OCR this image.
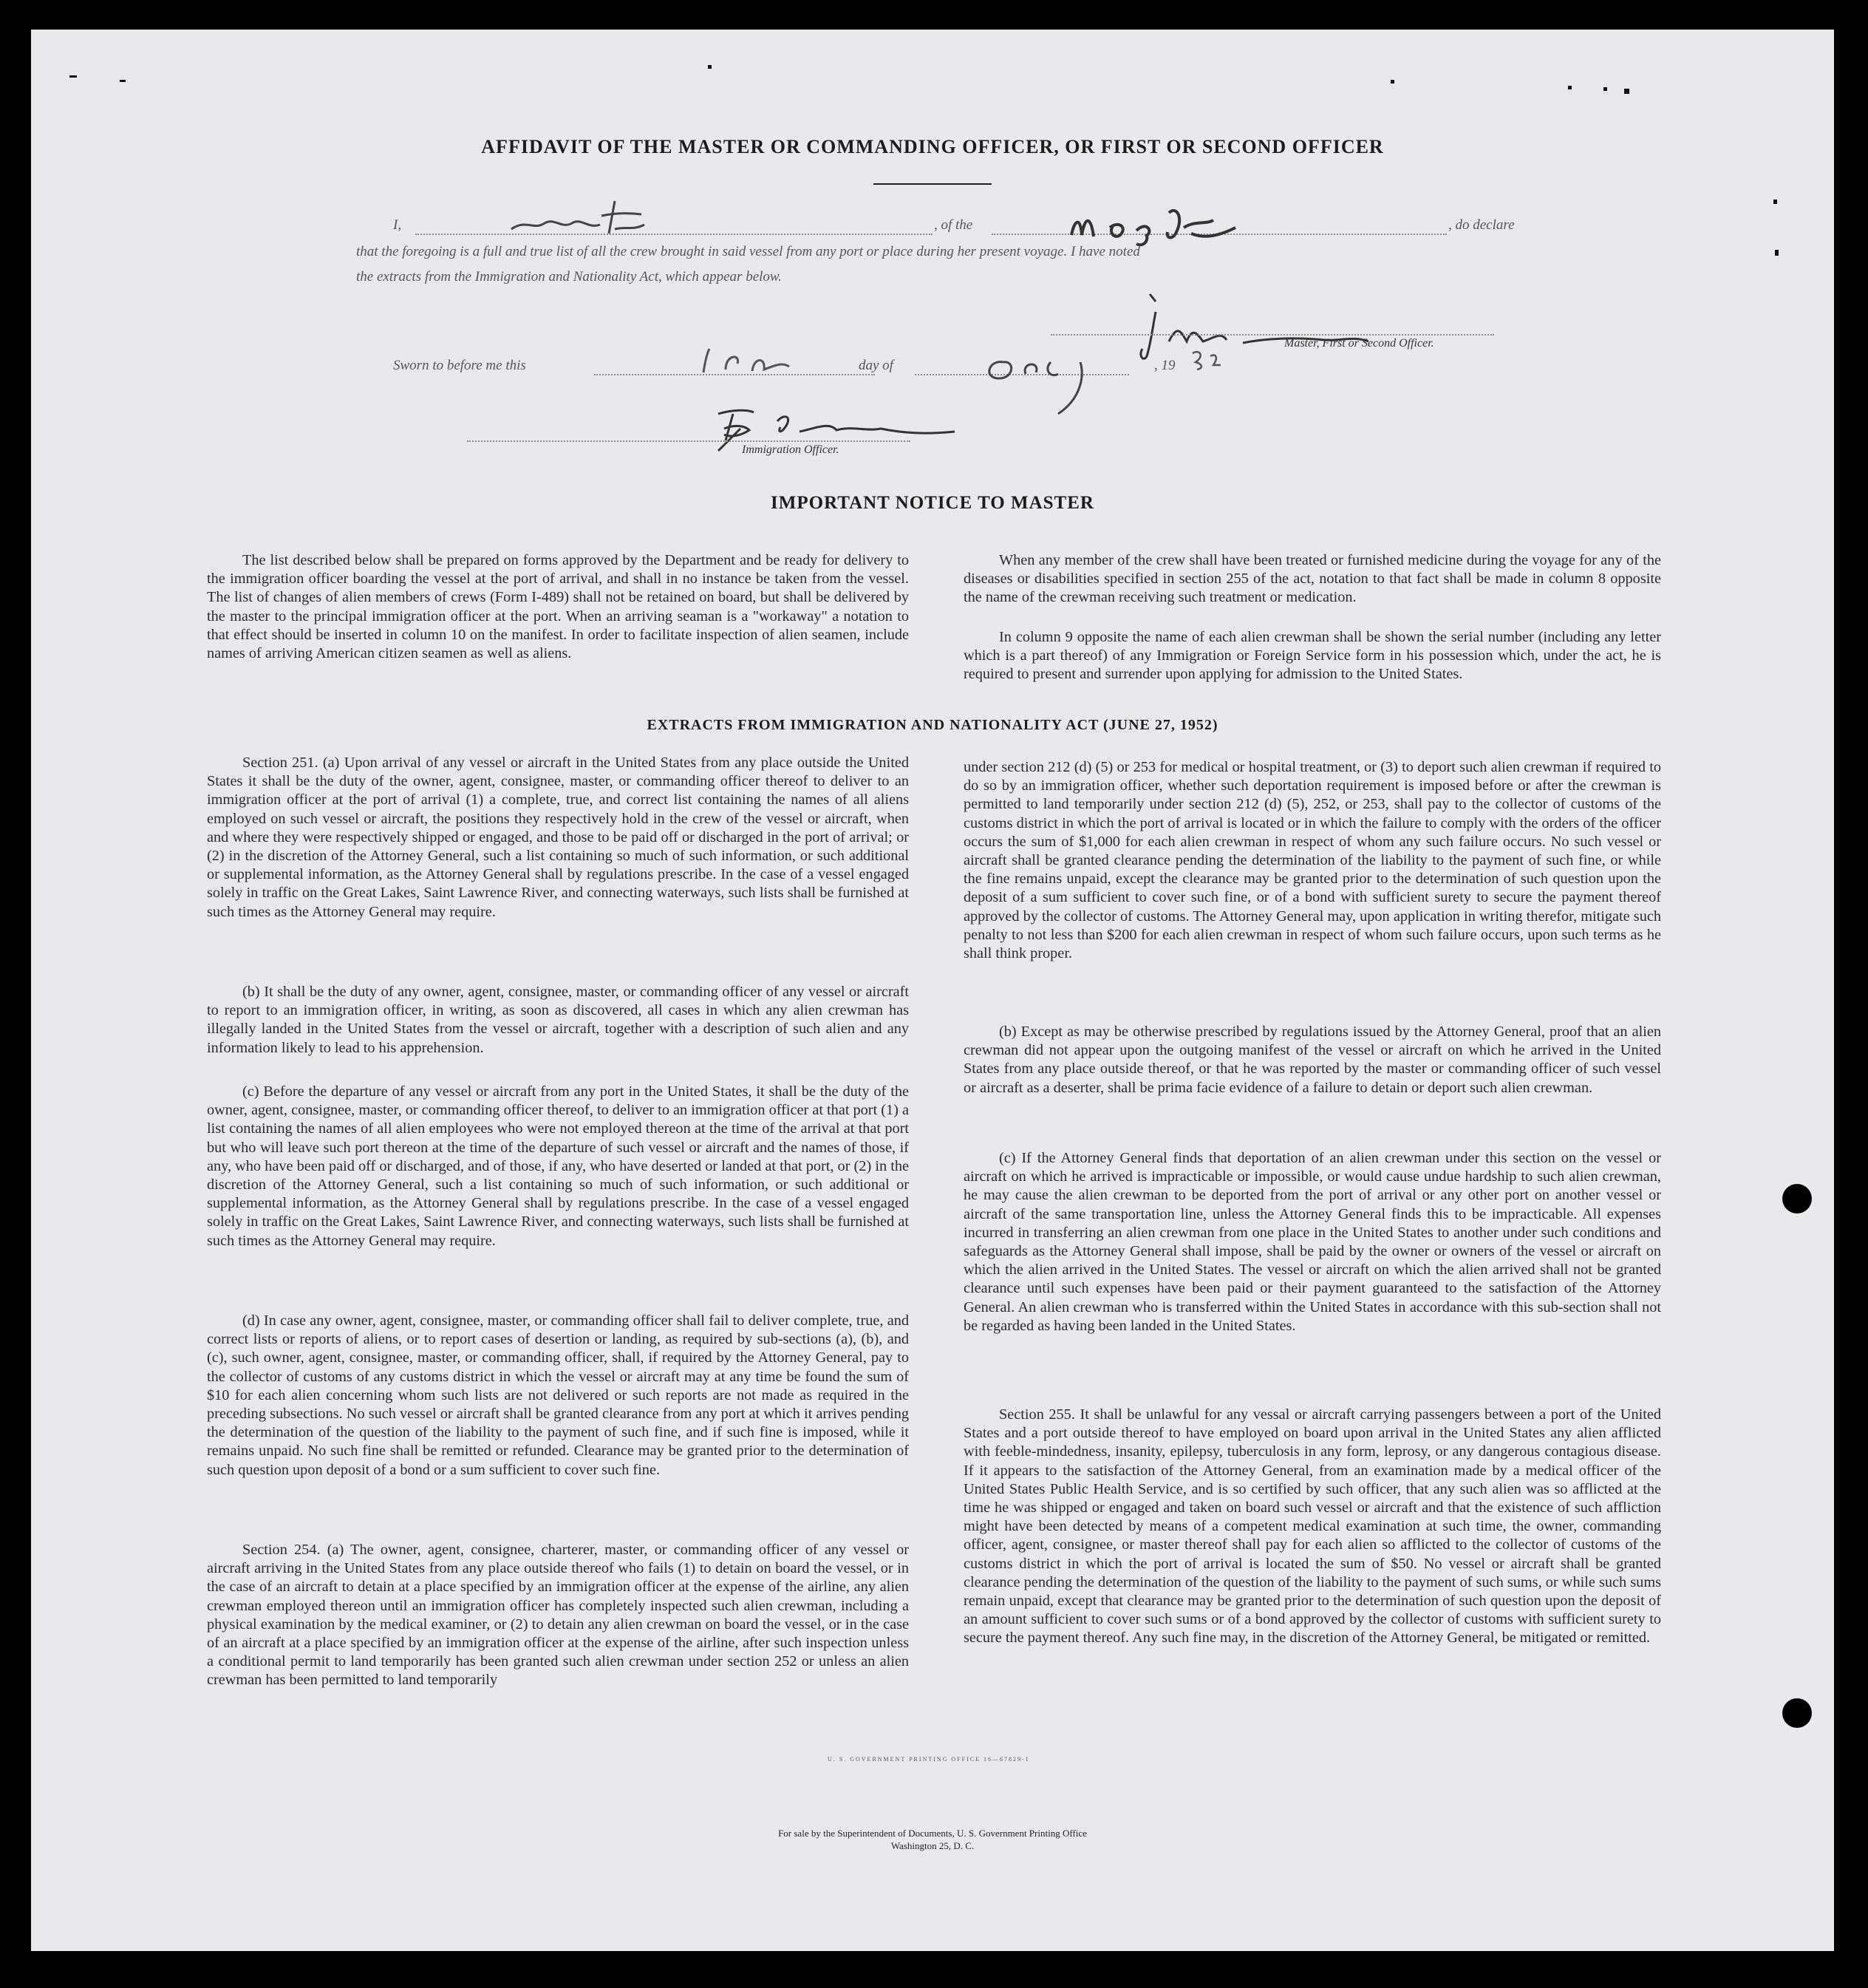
AFFIDAVIT OF THE MASTER OR COMMANDING OFFICER, OR FIRST OR SECOND OFFICER
I,	, of the	, do declare
that the foregoing is a full and true list of all the crew brought in said vessel from any port or place during her present voyage. I have noted
the extracts from the Immigration and Nationality Act, which appear below.
Master, First or Second Officer.
Sworn to before me this	day of	, 19
Immigration Officer.
IMPORTANT NOTICE TO MASTER

The list described below shall be prepared on forms approved by the Department and be ready for delivery to the immigration officer boarding the vessel at the port of arrival, and shall in no instance be taken from the vessel. The list of changes of alien members of crews (Form I-489) shall not be retained on board, but shall be delivered by the master to the principal immigration officer at the port. When an arriving seaman is a "workaway" a notation to that effect should be inserted in column 10 on the manifest. In order to facilitate inspection of alien seamen, include names of arriving American citizen seamen as well as aliens.

When any member of the crew shall have been treated or furnished medicine during the voyage for any of the diseases or disabilities specified in section 255 of the act, notation to that fact shall be made in column 8 opposite the name of the crewman receiving such treatment or medication.

In column 9 opposite the name of each alien crewman shall be shown the serial number (including any letter which is a part thereof) of any Immigration or Foreign Service form in his possession which, under the act, he is required to present and surrender upon applying for admission to the United States.

EXTRACTS FROM IMMIGRATION AND NATIONALITY ACT (JUNE 27, 1952)

Section 251. (a) Upon arrival of any vessel or aircraft in the United States from any place outside the United States it shall be the duty of the owner, agent, consignee, master, or commanding officer thereof to deliver to an immigration officer at the port of arrival (1) a complete, true, and correct list containing the names of all aliens employed on such vessel or aircraft, the positions they respectively hold in the crew of the vessel or aircraft, when and where they were respectively shipped or engaged, and those to be paid off or discharged in the port of arrival; or (2) in the discretion of the Attorney General, such a list containing so much of such information, or such additional or supplemental information, as the Attorney General shall by regulations prescribe. In the case of a vessel engaged solely in traffic on the Great Lakes, Saint Lawrence River, and connecting waterways, such lists shall be furnished at such times as the Attorney General may require.

(b) It shall be the duty of any owner, agent, consignee, master, or commanding officer of any vessel or aircraft to report to an immigration officer, in writing, as soon as discovered, all cases in which any alien crewman has illegally landed in the United States from the vessel or aircraft, together with a description of such alien and any information likely to lead to his apprehension.

(c) Before the departure of any vessel or aircraft from any port in the United States, it shall be the duty of the owner, agent, consignee, master, or commanding officer thereof, to deliver to an immigration officer at that port (1) a list containing the names of all alien employees who were not employed thereon at the time of the arrival at that port but who will leave such port thereon at the time of the departure of such vessel or aircraft and the names of those, if any, who have been paid off or discharged, and of those, if any, who have deserted or landed at that port, or (2) in the discretion of the Attorney General, such a list containing so much of such information, or such additional or supplemental information, as the Attorney General shall by regulations prescribe. In the case of a vessel engaged solely in traffic on the Great Lakes, Saint Lawrence River, and connecting waterways, such lists shall be furnished at such times as the Attorney General may require.

(d) In case any owner, agent, consignee, master, or commanding officer shall fail to deliver complete, true, and correct lists or reports of aliens, or to report cases of desertion or landing, as required by sub-sections (a), (b), and (c), such owner, agent, consignee, master, or commanding officer, shall, if required by the Attorney General, pay to the collector of customs of any customs district in which the vessel or aircraft may at any time be found the sum of $10 for each alien concerning whom such lists are not delivered or such reports are not made as required in the preceding subsections. No such vessel or aircraft shall be granted clearance from any port at which it arrives pending the determination of the question of the liability to the payment of such fine, and if such fine is imposed, while it remains unpaid. No such fine shall be remitted or refunded. Clearance may be granted prior to the determination of such question upon deposit of a bond or a sum sufficient to cover such fine.

Section 254. (a) The owner, agent, consignee, charterer, master, or commanding officer of any vessel or aircraft arriving in the United States from any place outside thereof who fails (1) to detain on board the vessel, or in the case of an aircraft to detain at a place specified by an immigration officer at the expense of the airline, any alien crewman employed thereon until an immigration officer has completely inspected such alien crewman, including a physical examination by the medical examiner, or (2) to detain any alien crewman on board the vessel, or in the case of an aircraft at a place specified by an immigration officer at the expense of the airline, after such inspection unless a conditional permit to land temporarily has been granted such alien crewman under section 252 or unless an alien crewman has been permitted to land temporarily

under section 212 (d) (5) or 253 for medical or hospital treatment, or (3) to deport such alien crewman if required to do so by an immigration officer, whether such deportation requirement is imposed before or after the crewman is permitted to land temporarily under section 212 (d) (5), 252, or 253, shall pay to the collector of customs of the customs district in which the port of arrival is located or in which the failure to comply with the orders of the officer occurs the sum of $1,000 for each alien crewman in respect of whom any such failure occurs. No such vessel or aircraft shall be granted clearance pending the determination of the liability to the payment of such fine, or while the fine remains unpaid, except the clearance may be granted prior to the determination of such question upon the deposit of a sum sufficient to cover such fine, or of a bond with sufficient surety to secure the payment thereof approved by the collector of customs. The Attorney General may, upon application in writing therefor, mitigate such penalty to not less than $200 for each alien crewman in respect of whom such failure occurs, upon such terms as he shall think proper.

(b) Except as may be otherwise prescribed by regulations issued by the Attorney General, proof that an alien crewman did not appear upon the outgoing manifest of the vessel or aircraft on which he arrived in the United States from any place outside thereof, or that he was reported by the master or commanding officer of such vessel or aircraft as a deserter, shall be prima facie evidence of a failure to detain or deport such alien crewman.

(c) If the Attorney General finds that deportation of an alien crewman under this section on the vessel or aircraft on which he arrived is impracticable or impossible, or would cause undue hardship to such alien crewman, he may cause the alien crewman to be deported from the port of arrival or any other port on another vessel or aircraft of the same transportation line, unless the Attorney General finds this to be impracticable. All expenses incurred in transferring an alien crewman from one place in the United States to another under such conditions and safeguards as the Attorney General shall impose, shall be paid by the owner or owners of the vessel or aircraft on which the alien arrived in the United States. The vessel or aircraft on which the alien arrived shall not be granted clearance until such expenses have been paid or their payment guaranteed to the satisfaction of the Attorney General. An alien crewman who is transferred within the United States in accordance with this sub-section shall not be regarded as having been landed in the United States.

Section 255. It shall be unlawful for any vessal or aircraft carrying passengers between a port of the United States and a port outside thereof to have employed on board upon arrival in the United States any alien afflicted with feeble-mindedness, insanity, epilepsy, tuberculosis in any form, leprosy, or any dangerous contagious disease. If it appears to the satisfaction of the Attorney General, from an examination made by a medical officer of the United States Public Health Service, and is so certified by such officer, that any such alien was so afflicted at the time he was shipped or engaged and taken on board such vessel or aircraft and that the existence of such affliction might have been detected by means of a competent medical examination at such time, the owner, commanding officer, agent, consignee, or master thereof shall pay for each alien so afflicted to the collector of customs of the customs district in which the port of arrival is located the sum of $50. No vessel or aircraft shall be granted clearance pending the determination of the question of the liability to the payment of such sums, or while such sums remain unpaid, except that clearance may be granted prior to the determination of such question upon the deposit of an amount sufficient to cover such sums or of a bond approved by the collector of customs with sufficient surety to secure the payment thereof. Any such fine may, in the discretion of the Attorney General, be mitigated or remitted.

U. S. GOVERNMENT PRINTING OFFICE 16—67829-1
For sale by the Superintendent of Documents, U. S. Government Printing Office
Washington 25, D. C.
